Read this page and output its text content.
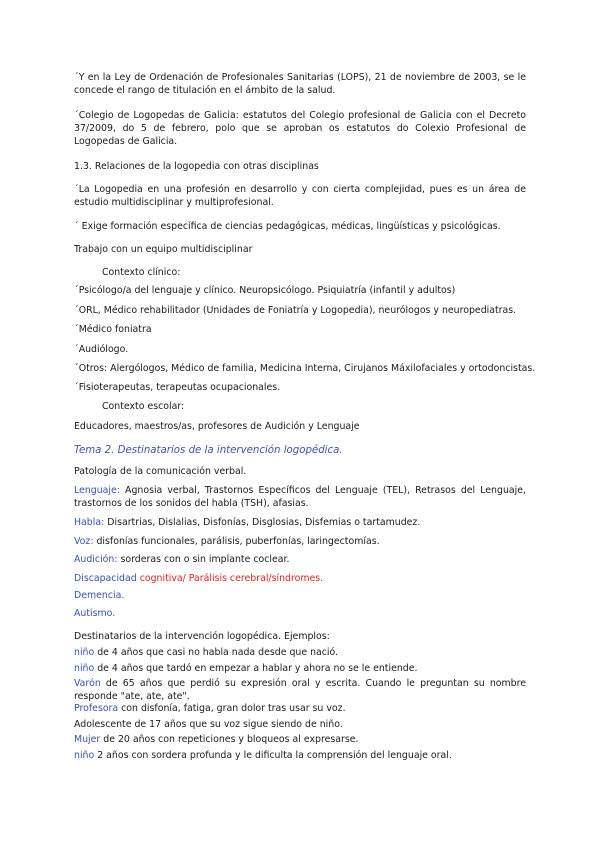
´Y en la Ley de Ordenación de Profesionales Sanitarias (LOPS), 21 de noviembre de 2003, se le concede el rango de titulación en el ámbito de la salud.
´Colegio de Logopedas de Galicia: estatutos del Colegio profesional de Galicia con el Decreto 37/2009, do 5 de febrero, polo que se aproban os estatutos do Colexio Profesional de Logopedas de Galicia.
1.3. Relaciones de la logopedia con otras disciplinas
´La Logopedia en una profesión en desarrollo y con cierta complejidad, pues es un área de estudio multidisciplinar y multiprofesional.
´ Exige formación específica de ciencias pedagógicas, médicas, lingüísticas y psicológicas.
Trabajo con un equipo multidisciplinar
Contexto clínico:
´Psicólogo/a del lenguaje y clínico. Neuropsicólogo. Psiquiatría (infantil y adultos)
´ORL, Médico rehabilitador (Unidades de Foniatría y Logopedia), neurólogos y neuropediatras.
´Médico foniatra
´Audiólogo.
´Otros: Alergólogos, Médico de familia, Medicina Interna, Cirujanos Máxilofaciales y ortodoncistas.
´Fisioterapeutas, terapeutas ocupacionales.
Contexto escolar:
Educadores, maestros/as, profesores de Audición y Lenguaje
Tema 2. Destinatarios de la intervención logopédica.
Patología de la comunicación verbal.
Lenguaje: Agnosia verbal, Trastornos Específicos del Lenguaje (TEL), Retrasos del Lenguaje, trastornos de los sonidos del habla (TSH), afasias.
Habla: Disartrias, Dislalias, Disfonías, Disglosias, Disfemias o tartamudez.
Voz: disfonías funcionales, parálisis, puberfonías, laringectomías.
Audición: sorderas con o sin implante coclear.
Discapacidad cognitiva/ Parálisis cerebral/síndromes.
Demencia.
Autismo.
Destinatarios de la intervención logopédica. Ejemplos:
niño de 4 años que casi no habla nada desde que nació.
niño de 4 años que tardó en empezar a hablar y ahora no se le entiende.
Varón de 65 años que perdió su expresión oral y escrita. Cuando le preguntan su nombre responde "ate, ate, ate".
Profesora con disfonía, fatiga, gran dolor tras usar su voz.
Adolescente de 17 años que su voz sigue siendo de niño.
Mujer de 20 años con repeticiones y bloqueos al expresarse.
niño 2 años con sordera profunda y le dificulta la comprensión del lenguaje oral.
